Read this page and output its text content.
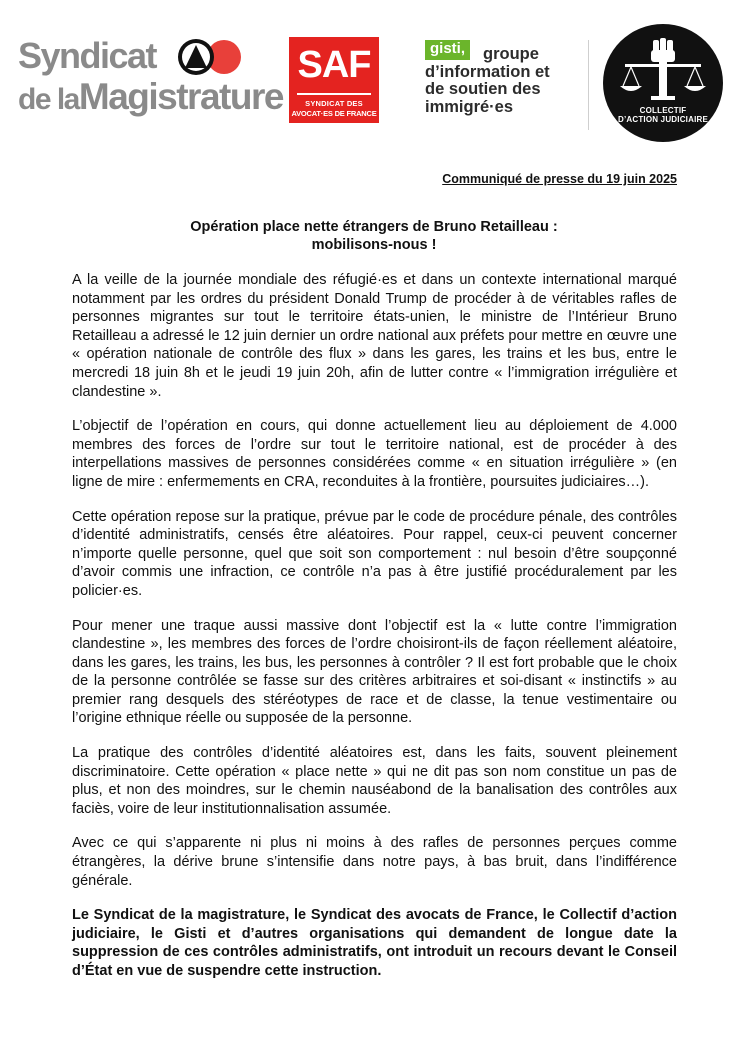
Syndicat
de laMagistrature
SAF
SYNDICAT DES
AVOCAT·ES DE FRANCE
gisti,	groupe
d’information et
de soutien des
immigré·es	COLLECTIF
D’ACTION JUDICIAIRE
Communiqué de presse du 19 juin 2025
Opération place nette étrangers de Bruno Retailleau :
mobilisons-nous !

A la veille de la journée mondiale des réfugié·es et dans un contexte international marqué notamment par les ordres du président Donald Trump de procéder à de véritables rafles de personnes migrantes sur tout le territoire états-unien, le ministre de l’Intérieur Bruno Retailleau a adressé le 12 juin dernier un ordre national aux préfets pour mettre en œuvre une « opération nationale de contrôle des flux » dans les gares, les trains et les bus, entre le mercredi 18 juin 8h et le jeudi 19 juin 20h, afin de lutter contre « l’immigration irrégulière et clandestine ».

L’objectif de l’opération en cours, qui donne actuellement lieu au déploiement de 4.000 membres des forces de l’ordre sur tout le territoire national, est de procéder à des interpellations massives de personnes considérées comme « en situation irrégulière » (en ligne de mire : enfermements en CRA, reconduites à la frontière, poursuites judiciaires…).

Cette opération repose sur la pratique, prévue par le code de procédure pénale, des contrôles d’identité administratifs, censés être aléatoires. Pour rappel, ceux-ci peuvent concerner n’importe quelle personne, quel que soit son comportement : nul besoin d’être soupçonné d’avoir commis une infraction, ce contrôle n’a pas à être justifié procéduralement par les policier·es.

Pour mener une traque aussi massive dont l’objectif est la « lutte contre l’immigration clandestine », les membres des forces de l’ordre choisiront-ils de façon réellement aléatoire, dans les gares, les trains, les bus, les personnes à contrôler ? Il est fort probable que le choix de la personne contrôlée se fasse sur des critères arbitraires et soi-disant « instinctifs » au premier rang desquels des stéréotypes de race et de classe, la tenue vestimentaire ou l’origine ethnique réelle ou supposée de la personne.

La pratique des contrôles d’identité aléatoires est, dans les faits, souvent pleinement discriminatoire. Cette opération « place nette » qui ne dit pas son nom constitue un pas de plus, et non des moindres, sur le chemin nauséabond de la banalisation des contrôles aux faciès, voire de leur institutionnalisation assumée.

Avec ce qui s’apparente ni plus ni moins à des rafles de personnes perçues comme étrangères, la dérive brune s’intensifie dans notre pays, à bas bruit, dans l’indifférence générale.

Le Syndicat de la magistrature, le Syndicat des avocats de France, le Collectif d’action judiciaire, le Gisti et d’autres organisations qui demandent de longue date la suppression de ces contrôles administratifs, ont introduit un recours devant le Conseil d’État en vue de suspendre cette instruction.
